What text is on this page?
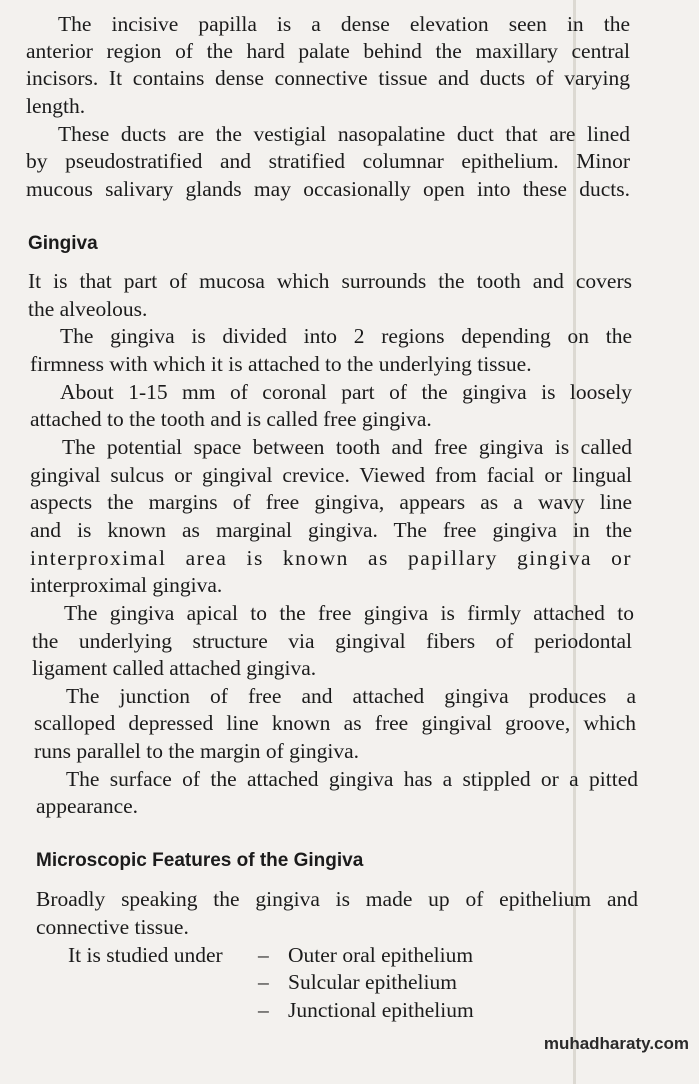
The incisive papilla is a dense elevation seen in the
anterior region of the hard palate behind the maxillary central
incisors. It contains dense connective tissue and ducts of varying
length.
These ducts are the vestigial nasopalatine duct that are lined
by pseudostratified and stratified columnar epithelium. Minor
mucous salivary glands may occasionally open into these ducts.
Gingiva
It is that part of mucosa which surrounds the tooth and covers
the alveolous.
The gingiva is divided into 2 regions depending on the
firmness with which it is attached to the underlying tissue.
About 1-15 mm of coronal part of the gingiva is loosely
attached to the tooth and is called free gingiva.
The potential space between tooth and free gingiva is called
gingival sulcus or gingival crevice. Viewed from facial or lingual
aspects the margins of free gingiva, appears as a wavy line
and is known as marginal gingiva. The free gingiva in the
interproximal area is known as papillary gingiva or
interproximal gingiva.
The gingiva apical to the free gingiva is firmly attached to
the underlying structure via gingival fibers of periodontal
ligament called attached gingiva.
The junction of free and attached gingiva produces a
scalloped depressed line known as free gingival groove, which
runs parallel to the margin of gingiva.
The surface of the attached gingiva has a stippled or a pitted
appearance.
Microscopic Features of the Gingiva
Broadly speaking the gingiva is made up of epithelium and
connective tissue.
It is studied under – Outer oral epithelium
– Sulcular epithelium
– Junctional epithelium
muhadharaty.com
